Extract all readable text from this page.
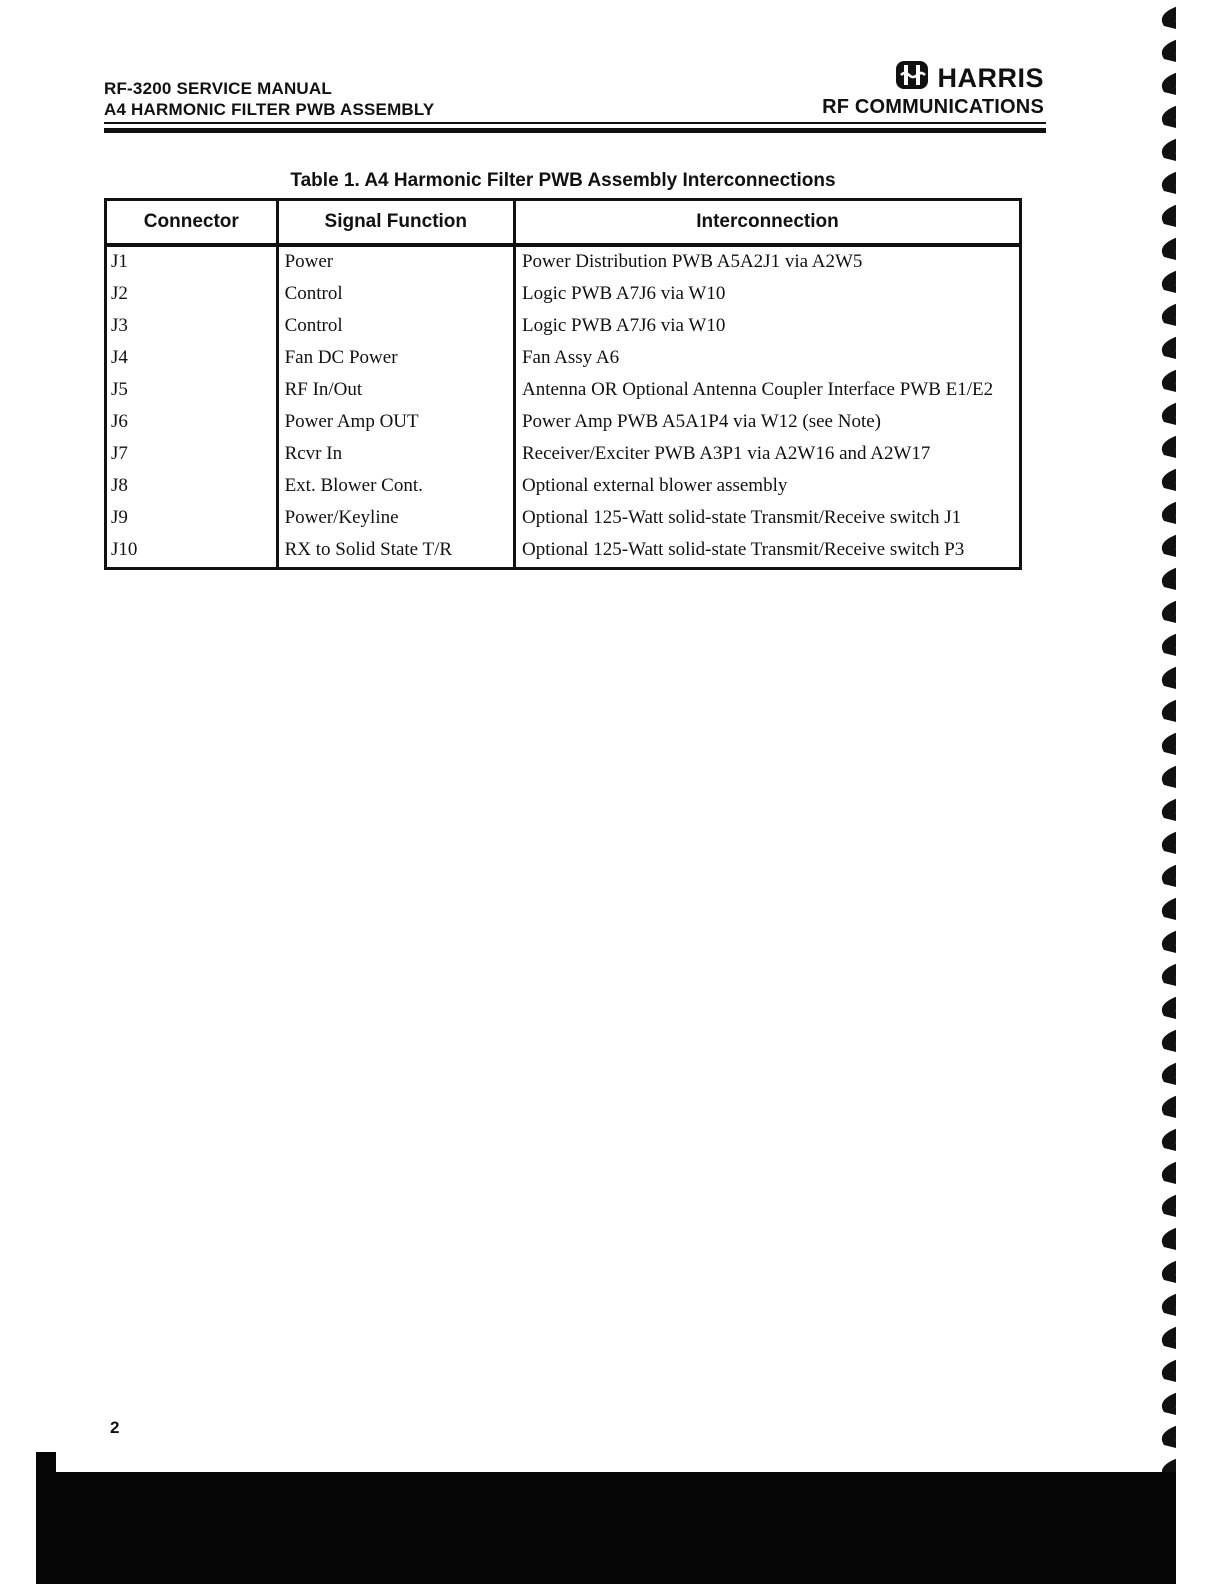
RF-3200 SERVICE MANUAL
A4 HARMONIC FILTER PWB ASSEMBLY
HARRIS
RF COMMUNICATIONS
Table 1. A4 Harmonic Filter PWB Assembly Interconnections
Connector	Signal Function	Interconnection
J1	Power	Power Distribution PWB A5A2J1 via A2W5
J2	Control	Logic PWB A7J6 via W10
J3	Control	Logic PWB A7J6 via W10
J4	Fan DC Power	Fan Assy A6
J5	RF In/Out	Antenna OR Optional Antenna Coupler Interface PWB E1/E2
J6	Power Amp OUT	Power Amp PWB A5A1P4 via W12 (see Note)
J7	Rcvr In	Receiver/Exciter PWB A3P1 via A2W16 and A2W17
J8	Ext. Blower Cont.	Optional external blower assembly
J9	Power/Keyline	Optional 125-Watt solid-state Transmit/Receive switch J1
J10	RX to Solid State T/R	Optional 125-Watt solid-state Transmit/Receive switch P3
2
